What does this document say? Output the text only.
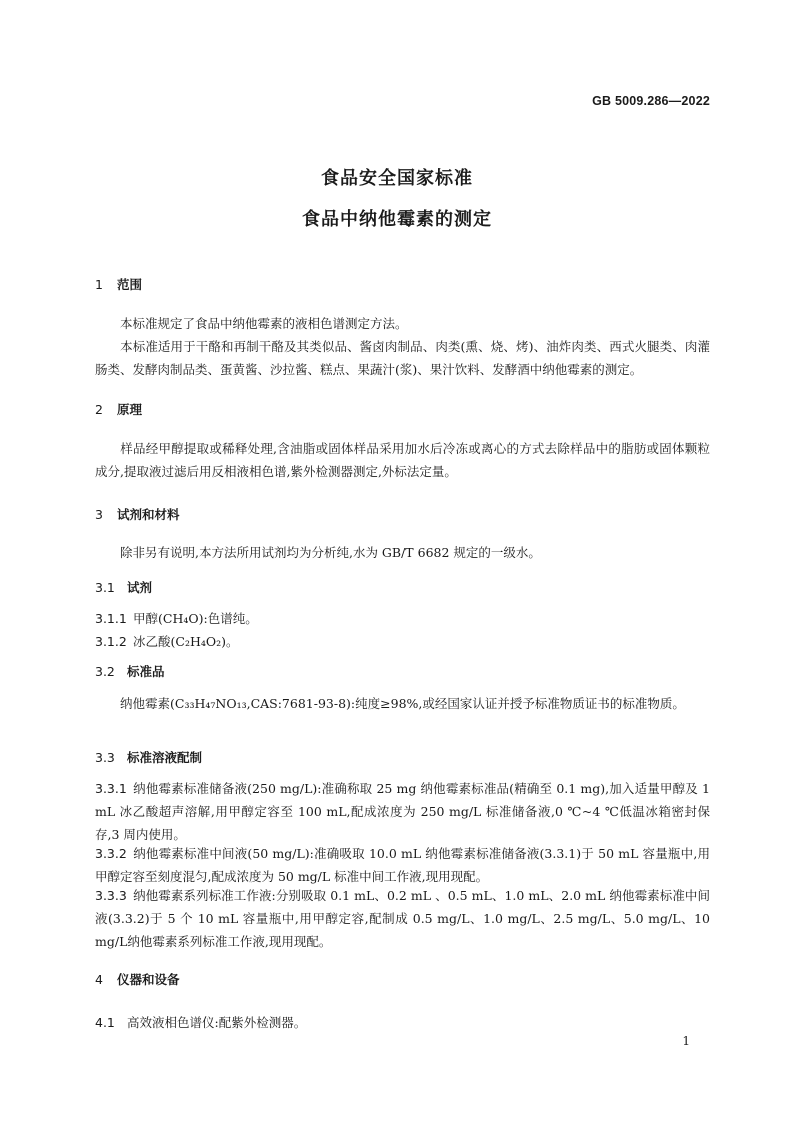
GB 5009.286—2022
食品安全国家标准
食品中纳他霉素的测定
1 范围
本标准规定了食品中纳他霉素的液相色谱测定方法。
本标准适用于干酪和再制干酪及其类似品、酱卤肉制品、肉类(熏、烧、烤)、油炸肉类、西式火腿类、肉灌肠类、发酵肉制品类、蛋黄酱、沙拉酱、糕点、果蔬汁(浆)、果汁饮料、发酵酒中纳他霉素的测定。
2 原理
样品经甲醇提取或稀释处理,含油脂或固体样品采用加水后冷冻或离心的方式去除样品中的脂肪或固体颗粒成分,提取液过滤后用反相液相色谱,紫外检测器测定,外标法定量。
3 试剂和材料
除非另有说明,本方法所用试剂均为分析纯,水为 GB/T 6682 规定的一级水。
3.1 试剂
3.1.1 甲醇(CH₄O):色谱纯。
3.1.2 冰乙酸(C₂H₄O₂)。
3.2 标准品
纳他霉素(C₃₃H₄₇NO₁₃,CAS:7681-93-8):纯度≥98%,或经国家认证并授予标准物质证书的标准物质。
3.3 标准溶液配制
3.3.1 纳他霉素标准储备液(250 mg/L):准确称取 25 mg 纳他霉素标准品(精确至 0.1 mg),加入适量甲醇及 1 mL 冰乙酸超声溶解,用甲醇定容至 100 mL,配成浓度为 250 mg/L 标准储备液,0 ℃~4 ℃低温冰箱密封保存,3 周内使用。
3.3.2 纳他霉素标准中间液(50 mg/L):准确吸取 10.0 mL 纳他霉素标准储备液(3.3.1)于 50 mL 容量瓶中,用甲醇定容至刻度混匀,配成浓度为 50 mg/L 标准中间工作液,现用现配。
3.3.3 纳他霉素系列标准工作液:分别吸取 0.1 mL、0.2 mL 、0.5 mL、1.0 mL、2.0 mL 纳他霉素标准中间液(3.3.2)于 5 个 10 mL 容量瓶中,用甲醇定容,配制成 0.5 mg/L、1.0 mg/L、2.5 mg/L、5.0 mg/L、10 mg/L纳他霉素系列标准工作液,现用现配。
4 仪器和设备
4.1 高效液相色谱仪:配紫外检测器。
1
